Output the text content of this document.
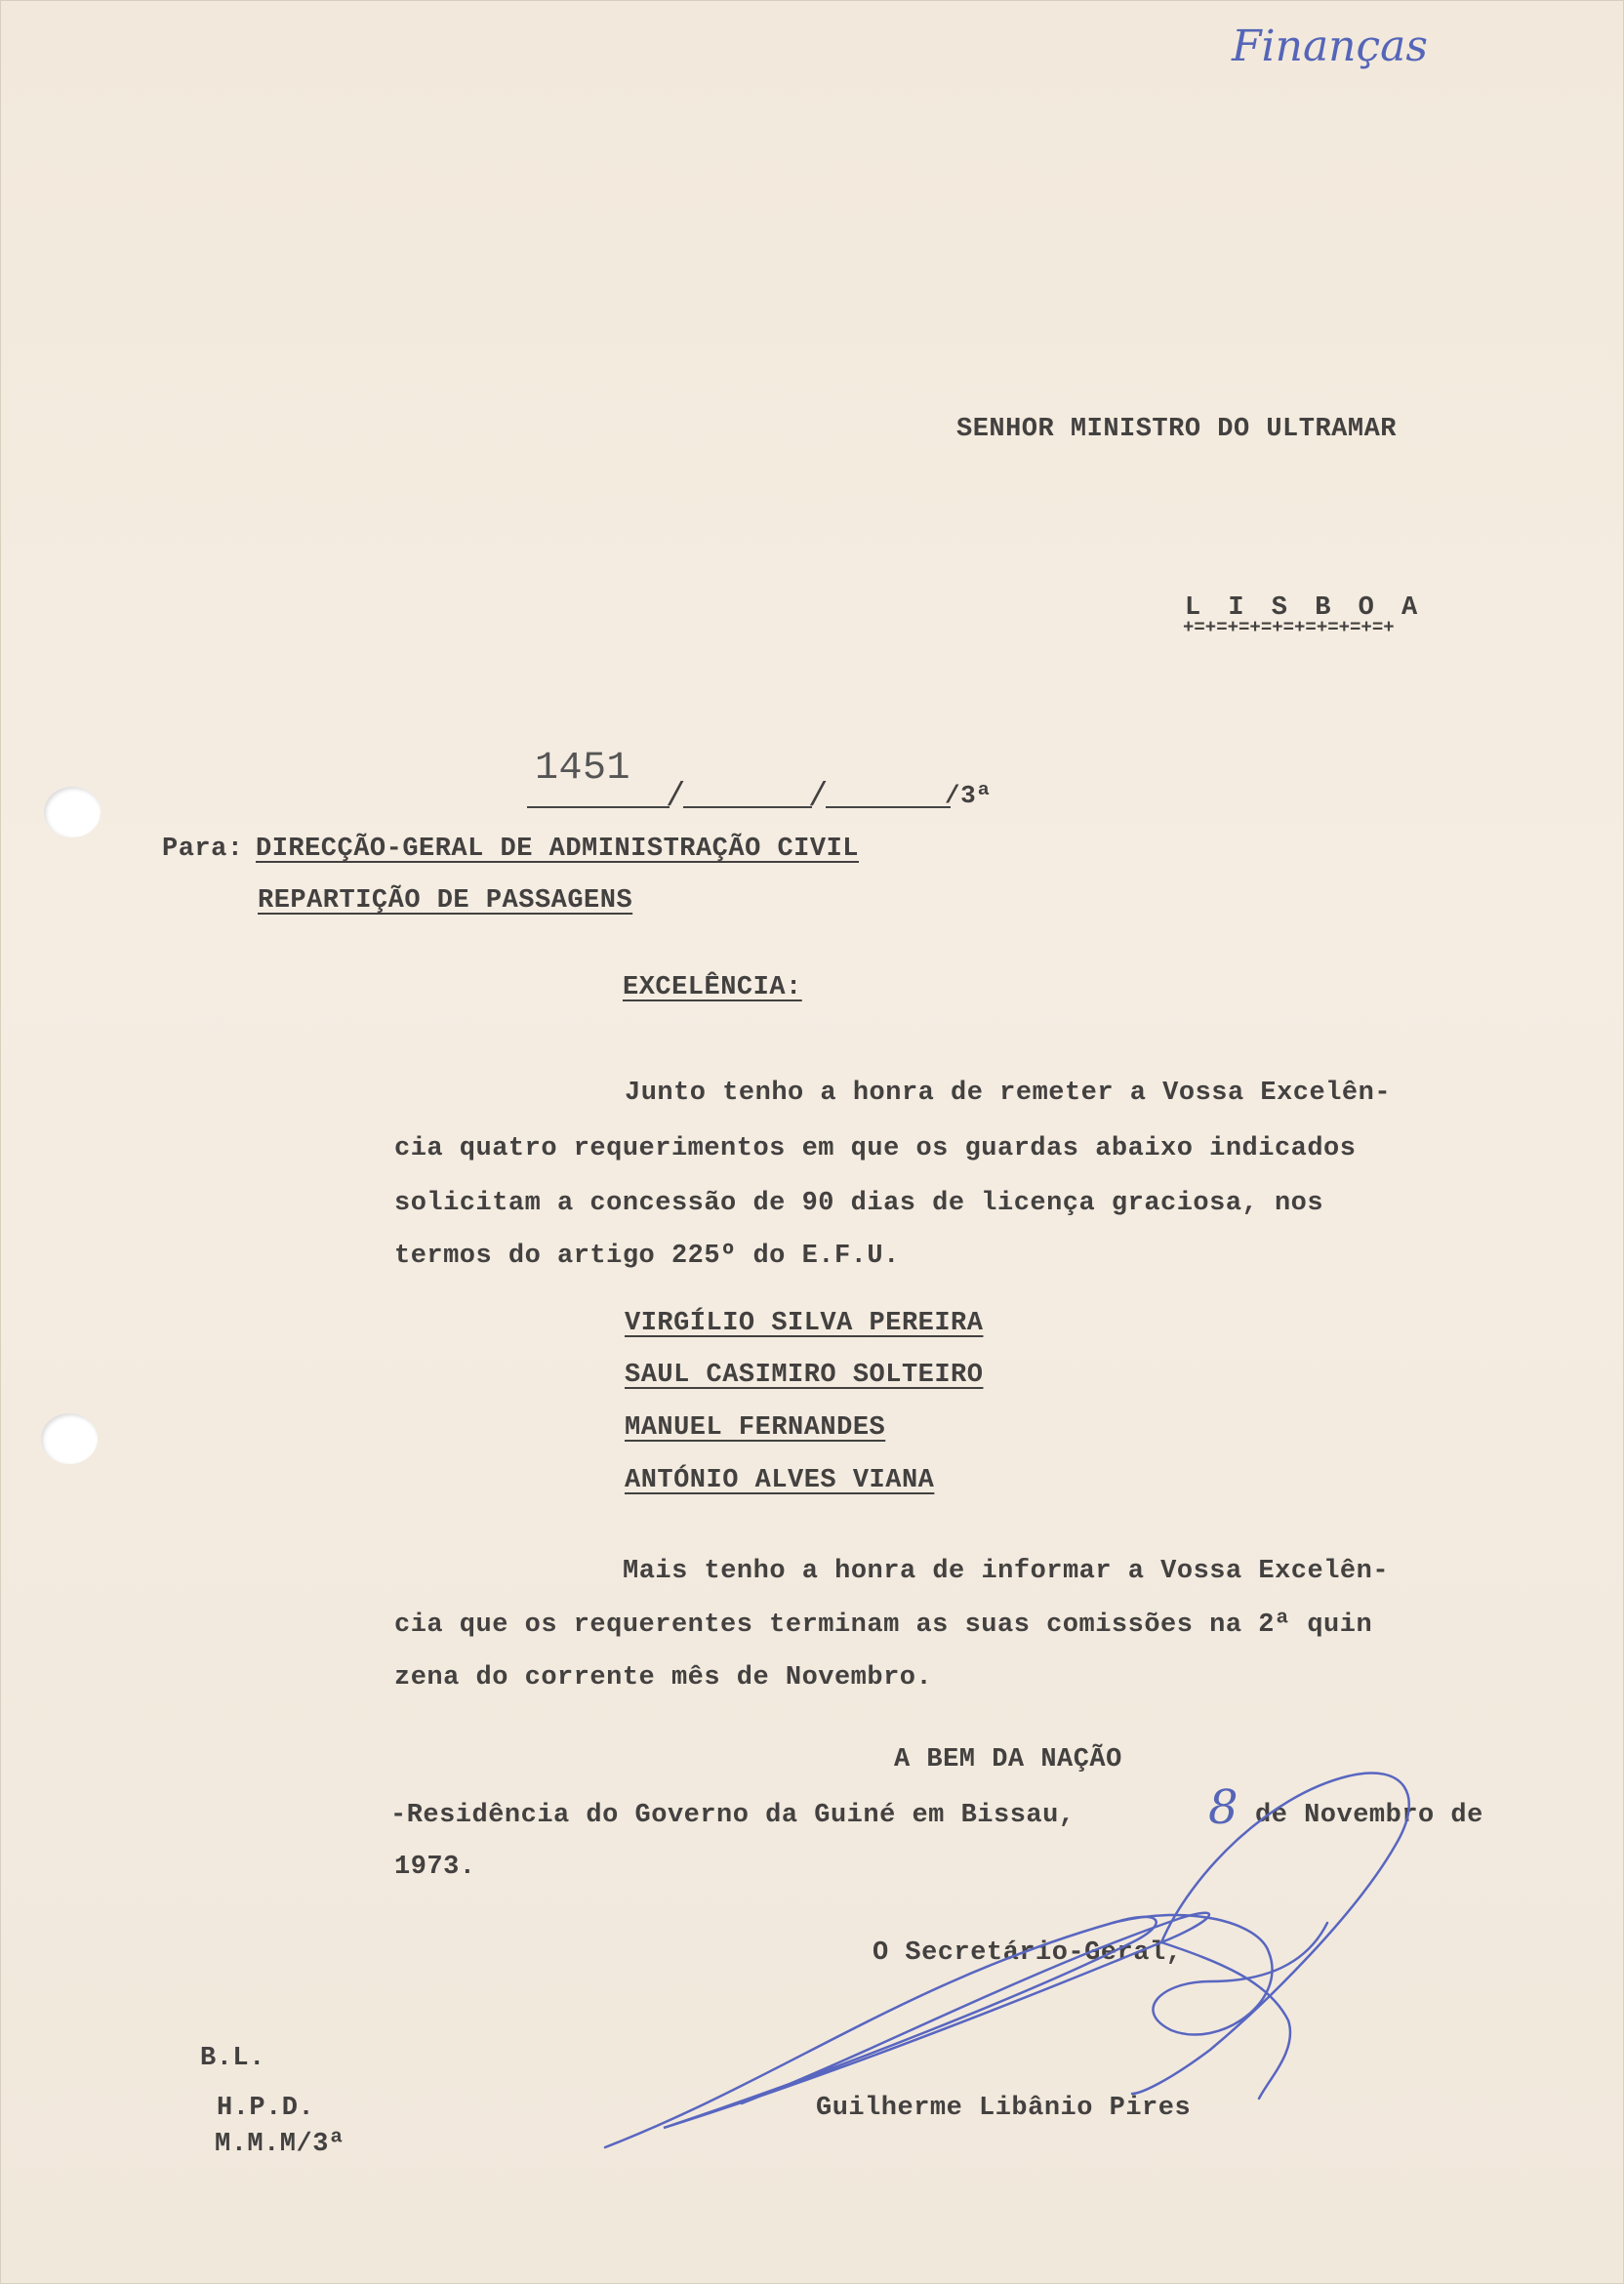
Finanças
SENHOR MINISTRO DO ULTRAMAR
L I S B O A
+=+=+=+=+=+=+=+=+=+
1451
/	/	/3ª
Para: DIRECÇÃO-GERAL DE ADMINISTRAÇÃO CIVIL
REPARTIÇÃO DE PASSAGENS
EXCELÊNCIA:
Junto tenho a honra de remeter a Vossa Excelên-
cia quatro requerimentos em que os guardas abaixo indicados
solicitam a concessão de 90 dias de licença graciosa, nos
termos do artigo 225º do E.F.U.
VIRGÍLIO SILVA PEREIRA
SAUL CASIMIRO SOLTEIRO
MANUEL FERNANDES
ANTÓNIO ALVES VIANA
Mais tenho a honra de informar a Vossa Excelên-
cia que os requerentes terminam as suas comissões na 2ª quin
zena do corrente mês de Novembro.
A BEM DA NAÇÃO
-Residência do Governo da Guiné em Bissau,	8 de Novembro de
1973.
O Secretário-Geral,
Guilherme Libânio Pires
B.L.
H.P.D.
M.M.M/3ª
